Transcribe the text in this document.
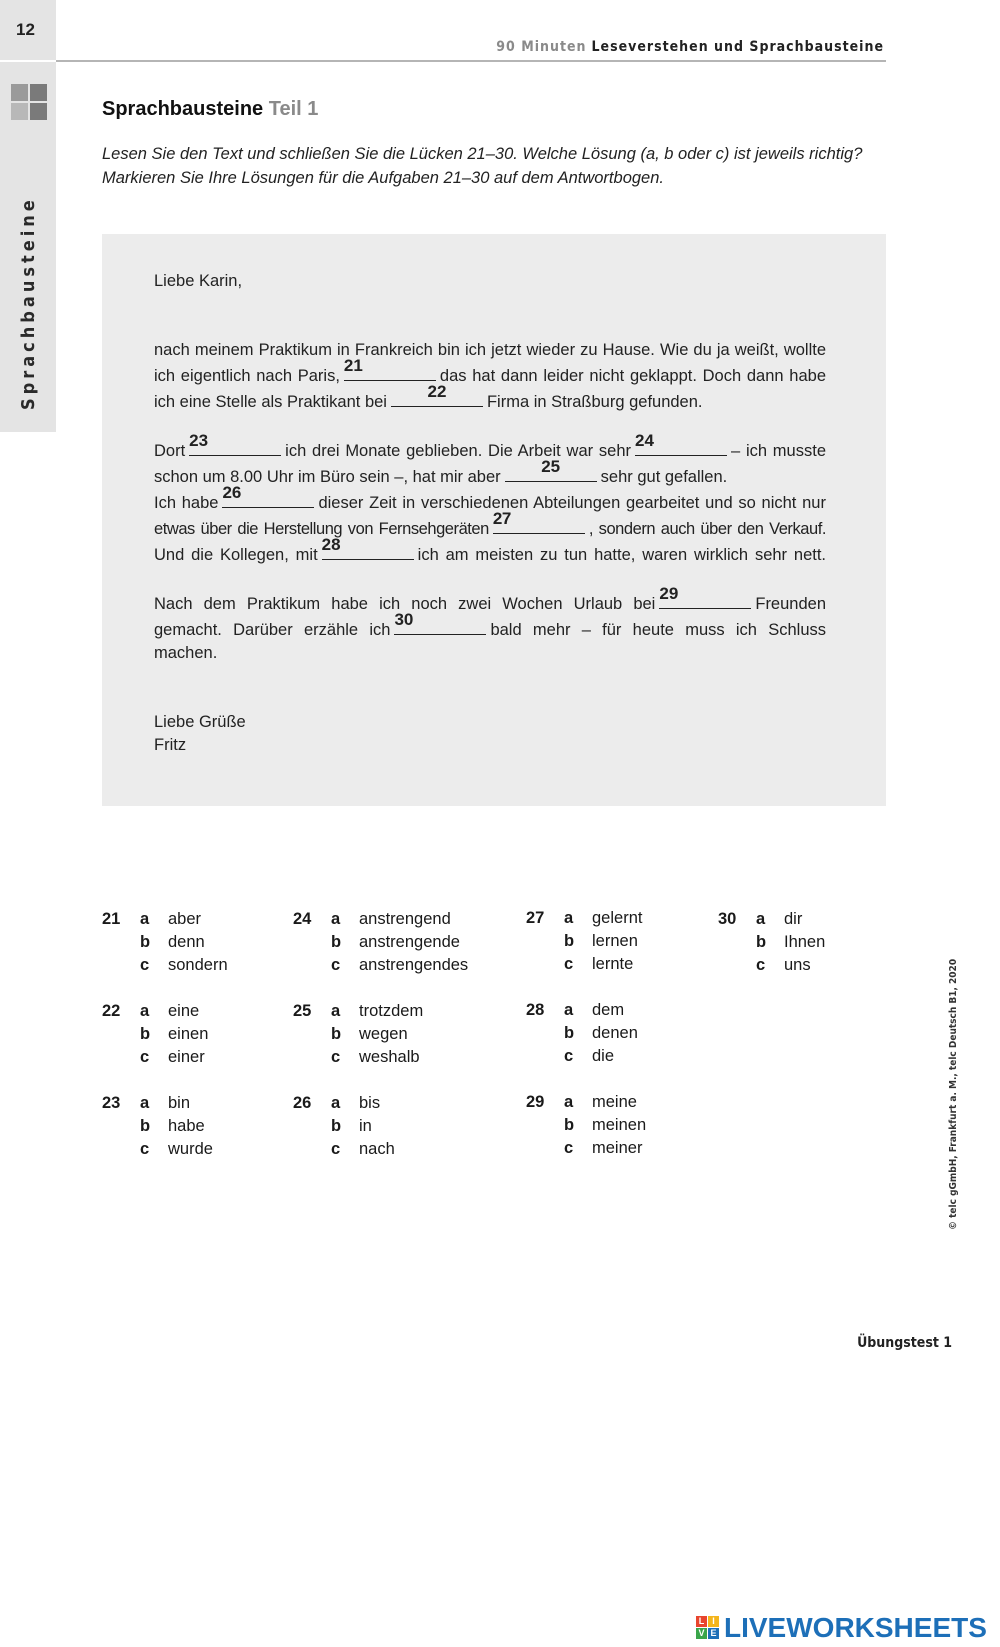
12
Sprachbausteine
90 Minuten Leseverstehen und Sprachbausteine
Sprachbausteine Teil 1
Lesen Sie den Text und schließen Sie die Lücken 21–30. Welche Lösung (a, b oder c) ist jeweils richtig?
Markieren Sie Ihre Lösungen für die Aufgaben 21–30 auf dem Antwortbogen.

Liebe Karin,

nach meinem Praktikum in Frankreich bin ich jetzt wieder zu Hause. Wie du ja weißt, wollte

ich eigentlich nach Paris,
21
das hat dann leider nicht geklappt. Doch dann habe

ich eine Stelle als Praktikant bei
22
Firma in Straßburg gefunden.

Dort
23
ich drei Monate geblieben. Die Arbeit war sehr
24
– ich musste

schon um 8.00 Uhr im Büro sein –, hat mir aber
25
sehr gut gefallen.

Ich habe
26
dieser Zeit in verschiedenen Abteilungen gearbeitet und so nicht nur

etwas über die Herstellung von Fernsehgeräten
27
, sondern auch über den Verkauf.

Und die Kollegen, mit
28
ich am meisten zu tun hatte, waren wirklich sehr nett.

Nach dem Praktikum habe ich noch zwei Wochen Urlaub bei
29
Freunden

gemacht. Darüber erzähle ich
30
bald mehr – für heute muss ich Schluss machen.

Liebe Grüße

Fritz

21 a aber
b denn
c sondern
22 a eine
b einen
c einer
23 a bin
b habe
c wurde
24 a anstrengend
b anstrengende
c anstrengendes
25 a trotzdem
b wegen
c weshalb
26 a bis
b in
c nach
27 a gelernt
b lernen
c lernte
28 a dem
b denen
c die
29 a meine
b meinen
c meiner
30 a dir
b Ihnen
c uns	© telc gGmbH, Frankfurt a. M., telc Deutsch B1, 2020
Übungstest 1
L I
V E LIVEWORKSHEETS
